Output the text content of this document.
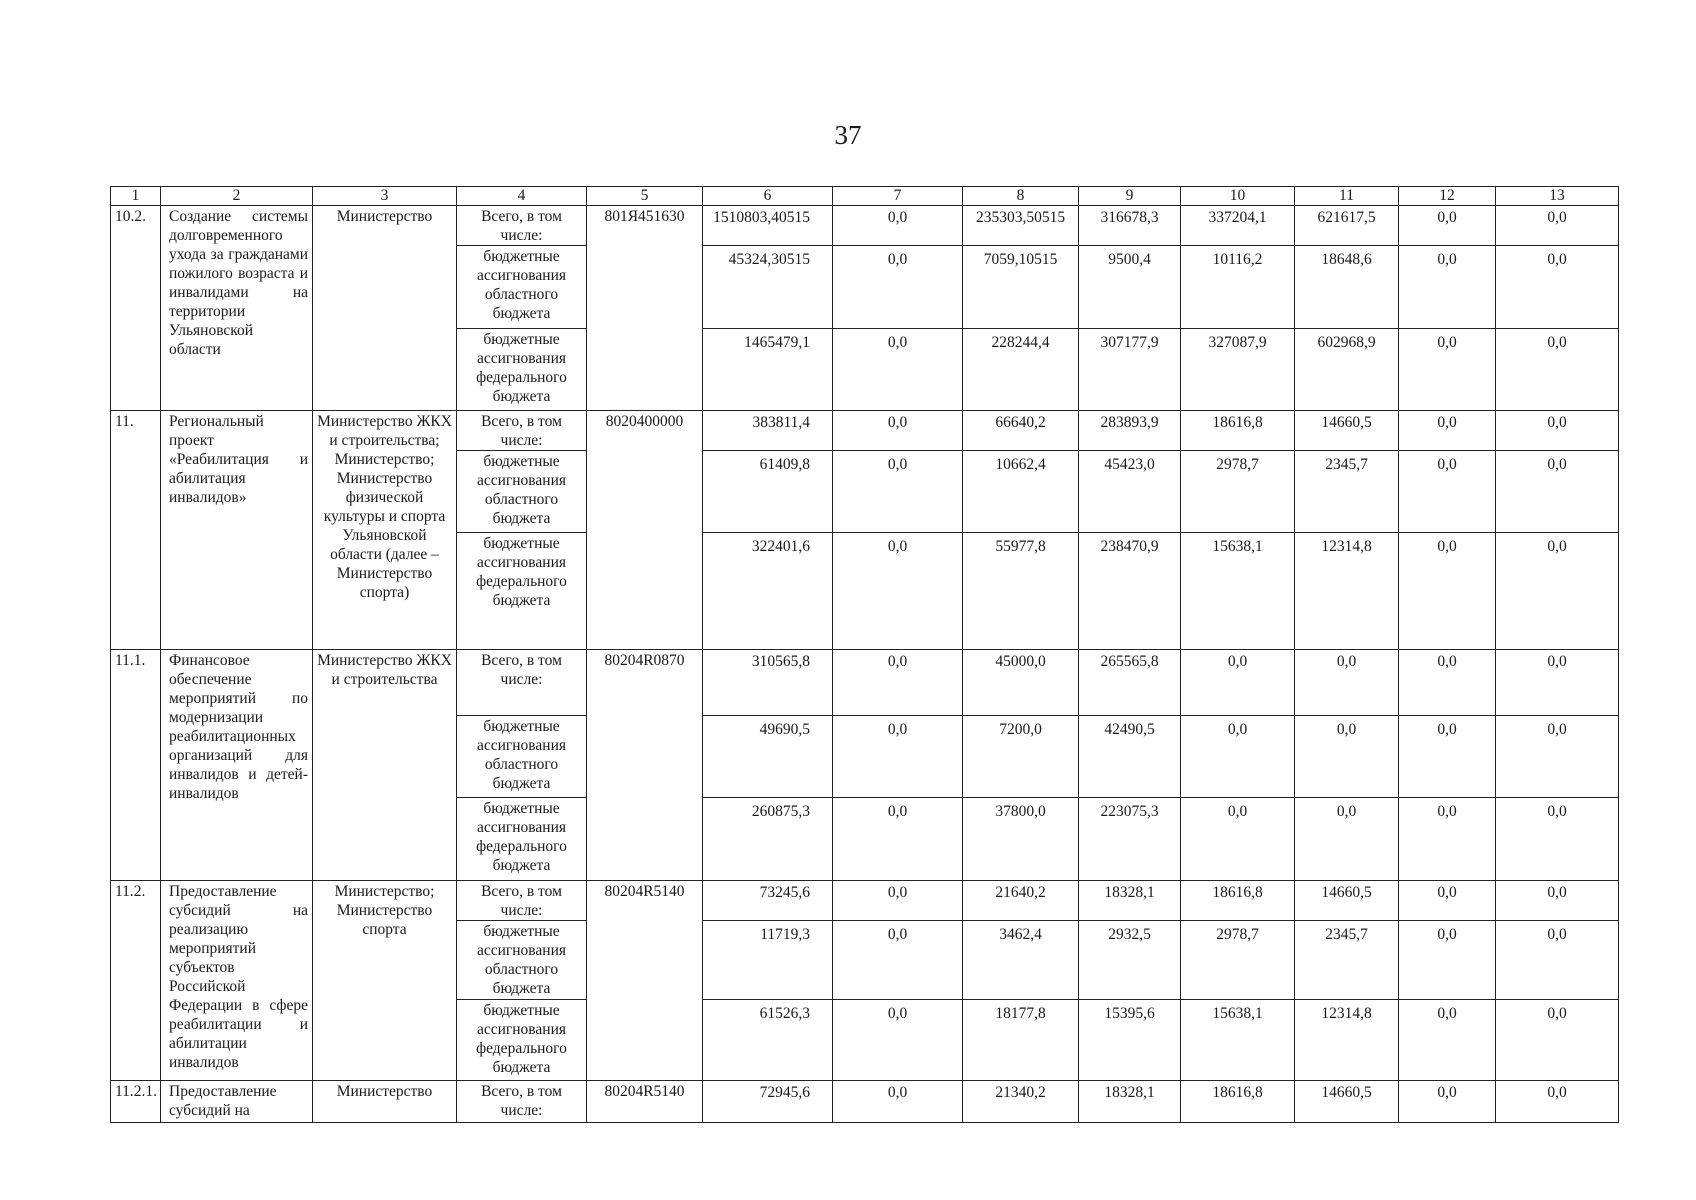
37
1	2	3	4	5	6	7	8	9	10	11	12	13
10.2.	Создание системы долговременного ухода за гражданами пожилого возраста и инвалидами на территории Ульяновской области	Министерство	Всего, в том числе:	801Я451630	1510803,40515	0,0	235303,50515	316678,3	337204,1	621617,5	0,0	0,0
			бюджетные ассигнования областного бюджета		45324,30515	0,0	7059,10515	9500,4	10116,2	18648,6	0,0	0,0
			бюджетные ассигнования федерального бюджета		1465479,1	0,0	228244,4	307177,9	327087,9	602968,9	0,0	0,0
11.	Региональный проект «Реабилитация и абилитация инвалидов»	Министерство ЖКХ и строительства; Министерство; Министерство физической культуры и спорта Ульяновской области (далее – Министерство спорта)	Всего, в том числе:	8020400000	383811,4	0,0	66640,2	283893,9	18616,8	14660,5	0,0	0,0
			бюджетные ассигнования областного бюджета		61409,8	0,0	10662,4	45423,0	2978,7	2345,7	0,0	0,0
			бюджетные ассигнования федерального бюджета		322401,6	0,0	55977,8	238470,9	15638,1	12314,8	0,0	0,0
11.1.	Финансовое обеспечение мероприятий по модернизации реабилитационных организаций для инвалидов и детей-инвалидов	Министерство ЖКХ и строительства	Всего, в том числе:	80204R0870	310565,8	0,0	45000,0	265565,8	0,0	0,0	0,0	0,0
			бюджетные ассигнования областного бюджета		49690,5	0,0	7200,0	42490,5	0,0	0,0	0,0	0,0
			бюджетные ассигнования федерального бюджета		260875,3	0,0	37800,0	223075,3	0,0	0,0	0,0	0,0
11.2.	Предоставление субсидий на реализацию мероприятий субъектов Российской Федерации в сфере реабилитации и абилитации инвалидов	Министерство; Министерство спорта	Всего, в том числе:	80204R5140	73245,6	0,0	21640,2	18328,1	18616,8	14660,5	0,0	0,0
			бюджетные ассигнования областного бюджета		11719,3	0,0	3462,4	2932,5	2978,7	2345,7	0,0	0,0
			бюджетные ассигнования федерального бюджета		61526,3	0,0	18177,8	15395,6	15638,1	12314,8	0,0	0,0
11.2.1.	Предоставление субсидий на	Министерство	Всего, в том числе:	80204R5140	72945,6	0,0	21340,2	18328,1	18616,8	14660,5	0,0	0,0
